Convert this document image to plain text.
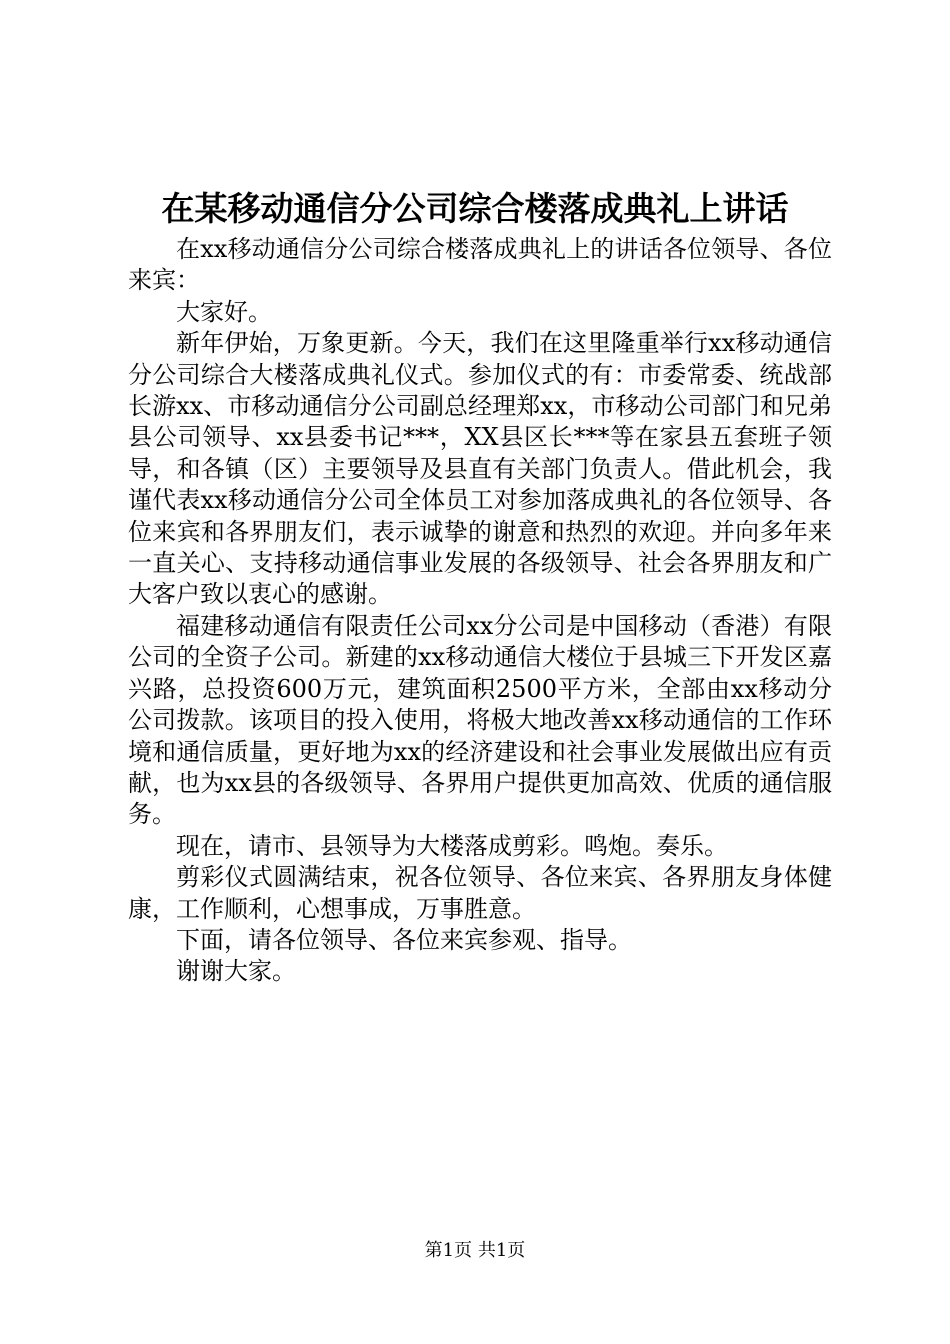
在某移动通信分公司综合楼落成典礼上讲话

在xx移动通信分公司综合楼落成典礼上的讲话各位领导、各位来宾：

大家好。

新年伊始，万象更新。今天，我们在这里隆重举行xx移动通信分公司综合大楼落成典礼仪式。参加仪式的有：市委常委、统战部长游xx、市移动通信分公司副总经理郑xx，市移动公司部门和兄弟县公司领导、xx县委书记***，XX县区长***等在家县五套班子领导，和各镇（区）主要领导及县直有关部门负责人。借此机会，我谨代表xx移动通信分公司全体员工对参加落成典礼的各位领导、各位来宾和各界朋友们，表示诚挚的谢意和热烈的欢迎。并向多年来一直关心、支持移动通信事业发展的各级领导、社会各界朋友和广大客户致以衷心的感谢。

福建移动通信有限责任公司xx分公司是中国移动（香港）有限公司的全资子公司。新建的xx移动通信大楼位于县城三下开发区嘉兴路，总投资600万元，建筑面积2500平方米，全部由xx移动分公司拨款。该项目的投入使用，将极大地改善xx移动通信的工作环境和通信质量，更好地为xx的经济建设和社会事业发展做出应有贡献，也为xx县的各级领导、各界用户提供更加高效、优质的通信服务。

现在，请市、县领导为大楼落成剪彩。鸣炮。奏乐。

剪彩仪式圆满结束，祝各位领导、各位来宾、各界朋友身体健康，工作顺利，心想事成，万事胜意。

下面，请各位领导、各位来宾参观、指导。

谢谢大家。

第1页 共1页
